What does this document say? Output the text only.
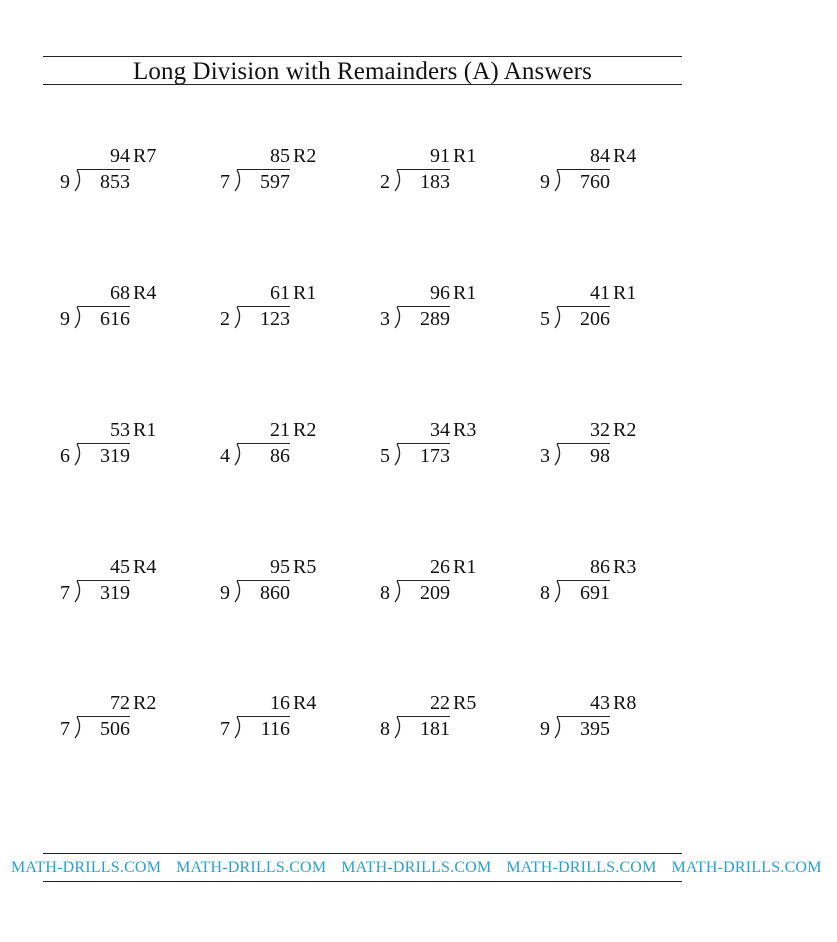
Long Division with Remainders (A) Answers
94 R7
9	853
85 R2
7	597
91 R1
2	183
84 R4
9	760
68 R4
9	616
61 R1
2	123
96 R1
3	289
41 R1
5	206
53 R1
6	319
21 R2
4	86
34 R3
5	173
32 R2
3	98
45 R4
7	319
95 R5
9	860
26 R1
8	209
86 R3
8	691
72 R2
7	506
16 R4
7	116
22 R5
8	181
43 R8
9	395
MATH-DRILLS.COM MATH-DRILLS.COM MATH-DRILLS.COM MATH-DRILLS.COM MATH-DRILLS.COM
